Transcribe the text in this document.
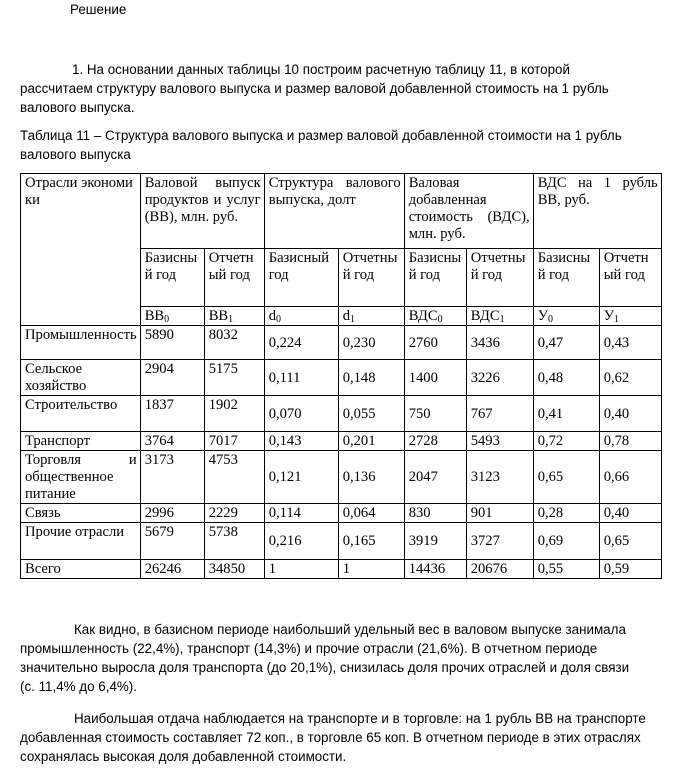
Решение
1. На основании данных таблицы 10 построим расчетную таблицу 11, в которой
рассчитаем структуру валового выпуска и размер валовой добавленной стоимость на 1 рубль
валового выпуска.
Таблица 11 – Структура валового выпуска и размер валовой добавленной стоимости на 1 рубль
валового выпуска
Отрасли экономики	Валовой выпуск продуктов и услуг (ВВ), млн. руб.		Структура валового выпуска, долт		Валовая добавленная стоимость (ВДС), млн. руб.		ВДС на 1 рубль ВВ, руб.	
	Базисный год	Отчетный год	Базисный год	Отчетный год	Базисный год	Отчетный год	Базисный год	Отчетный год
	$ВВ_0$	$ВВ_1$	$d_0$	$d_1$	$ВДС_0$	$ВДС_1$	$У_0$	$У_1$
Промышленность	5890	8032	0,224	0,230	2760	3436	0,47	0,43
Сельское хозяйство	2904	5175	0,111	0,148	1400	3226	0,48	0,62
Строительство	1837	1902	0,070	0,055	750	767	0,41	0,40
Транспорт	3764	7017	0,143	0,201	2728	5493	0,72	0,78
Торговля и общественное питание	3173	4753	0,121	0,136	2047	3123	0,65	0,66
Связь	2996	2229	0,114	0,064	830	901	0,28	0,40
Прочие отрасли	5679	5738	0,216	0,165	3919	3727	0,69	0,65
Всего	26246	34850	1	1	14436	20676	0,55	0,59
Как видно, в базисном периоде наибольший удельный вес в валовом выпуске занимала
промышленность (22,4%), транспорт (14,3%) и прочие отрасли (21,6%). В отчетном периоде
значительно выросла доля транспорта (до 20,1%), снизилась доля прочих отраслей и доля связи
(с. 11,4% до 6,4%).
Наибольшая отдача наблюдается на транспорте и в торговле: на 1 рубль ВВ на транспорте
добавленная стоимость составляет 72 коп., в торговле 65 коп. В отчетном периоде в этих отраслях
сохранялась высокая доля добавленной стоимости.
